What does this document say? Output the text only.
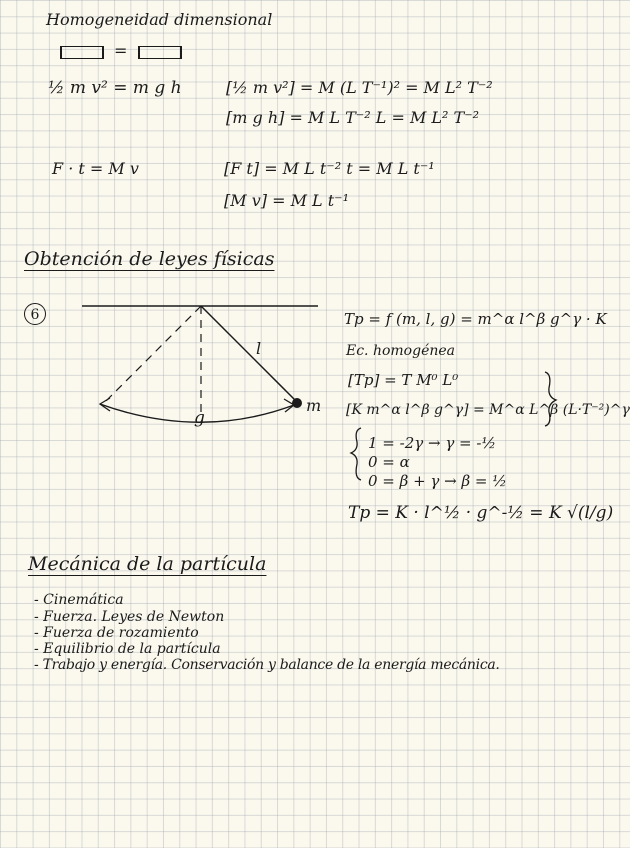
Homogeneidad dimensional
=
½ m v² = m g h	[½ m v²] = M (L T⁻¹)² = M L² T⁻²
[m g h] = M L T⁻² L = M L² T⁻²
F · t = M v	[F t] = M L t⁻² t = M L t⁻¹
[M v] = M L t⁻¹
Obtención de leyes físicas
6
l
m
g
Tp = f (m, l, g) = m^α l^β g^γ · K
Ec. homogénea
[Tp] = T M⁰ L⁰
[K m^α l^β g^γ] = M^α L^β (L·T⁻²)^γ
1 = -2γ → γ = -½
0 = α
0 = β + γ → β = ½
Tp = K · l^½ · g^-½ = K √(l/g)
Mecánica de la partícula
- Cinemática
- Fuerza. Leyes de Newton
- Fuerza de rozamiento
- Equilibrio de la partícula
- Trabajo y energía. Conservación y balance de la energía mecánica.
